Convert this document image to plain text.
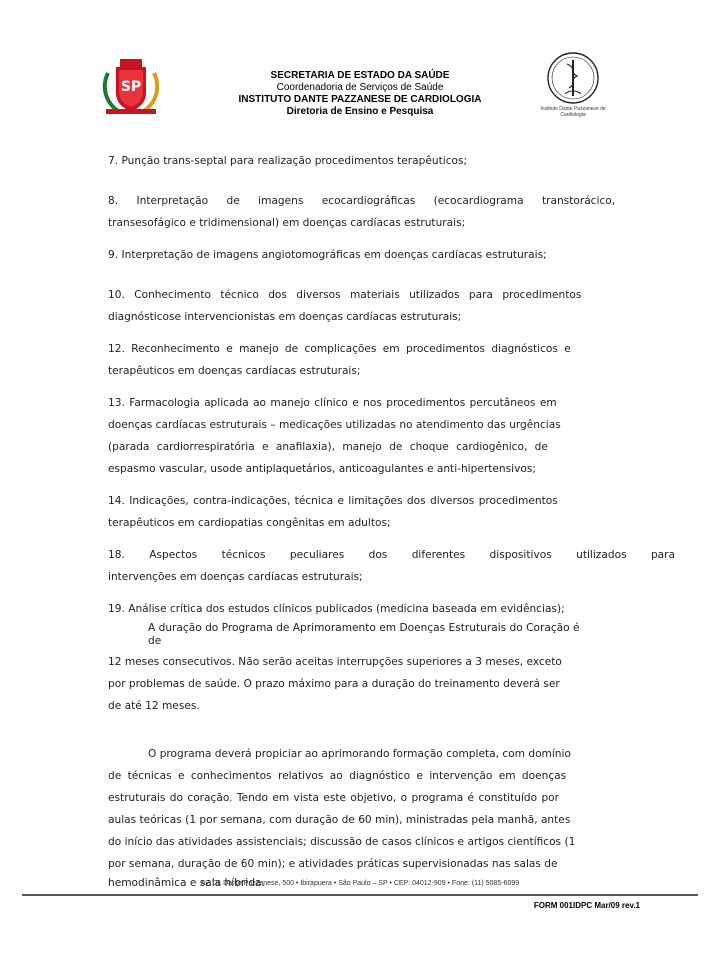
SP
SECRETARIA DE ESTADO DA SAÚDE
Coordenadoria de Serviços de Saúde
INSTITUTO DANTE PAZZANESE DE CARDIOLOGIA
Diretoria de Ensino e Pesquisa	Instituto Dante Pazzanese de Cardiologia

7. Punção trans-septal para realização procedimentos terapêuticos;

8. Interpretação de imagens ecocardiográficas (ecocardiograma transtorácico,

transesofágico e tridimensional) em doenças cardíacas estruturais;

9. Interpretação de imagens angiotomográficas em doenças cardíacas estruturais;

10. Conhecimento técnico dos diversos materiais utilizados para procedimentos

diagnósticose intervencionistas em doenças cardíacas estruturais;

12. Reconhecimento e manejo de complicações em procedimentos diagnósticos e

terapêuticos em doenças cardíacas estruturais;

13. Farmacologia aplicada ao manejo clínico e nos procedimentos percutâneos em

doenças cardíacas estruturais – medicações utilizadas no atendimento das urgências

(parada cardiorrespiratória e anafilaxia), manejo de choque cardiogênico, de

espasmo vascular, usode antiplaquetários, anticoagulantes e anti-hipertensivos;

14. Indicações, contra-indicações, técnica e limitações dos diversos procedimentos

terapêuticos em cardiopatias congênitas em adultos;

18. Aspectos técnicos peculiares dos diferentes dispositivos utilizados para

intervenções em doenças cardíacas estruturais;

19. Análise crítica dos estudos clínicos publicados (medicina baseada em evidências);

A duração do Programa de Aprimoramento em Doenças Estruturais do Coração é

de

12 meses consecutivos. Não serão aceitas interrupções superiores a 3 meses, exceto

por problemas de saúde. O prazo máximo para a duração do treinamento deverá ser

de até 12 meses.

O programa deverá propiciar ao aprimorando formação completa, com domínio

de técnicas e conhecimentos relativos ao diagnóstico e intervenção em doenças

estruturais do coração. Tendo em vista este objetivo, o programa é constituído por

aulas teóricas (1 por semana, com duração de 60 min), ministradas pela manhã, antes

do início das atividades assistenciais; discussão de casos clínicos e artigos científicos (1

por semana, duração de 60 min); e atividades práticas supervisionadas nas salas de

hemodinâmica e sala híbrida.

Av. Dr. Dante Pazzanese, 500 • Ibirapuera • São Paulo – SP • CEP: 04012-909 • Fone: (11) 5085-6099
FORM 001IDPC Mar/09 rev.1
